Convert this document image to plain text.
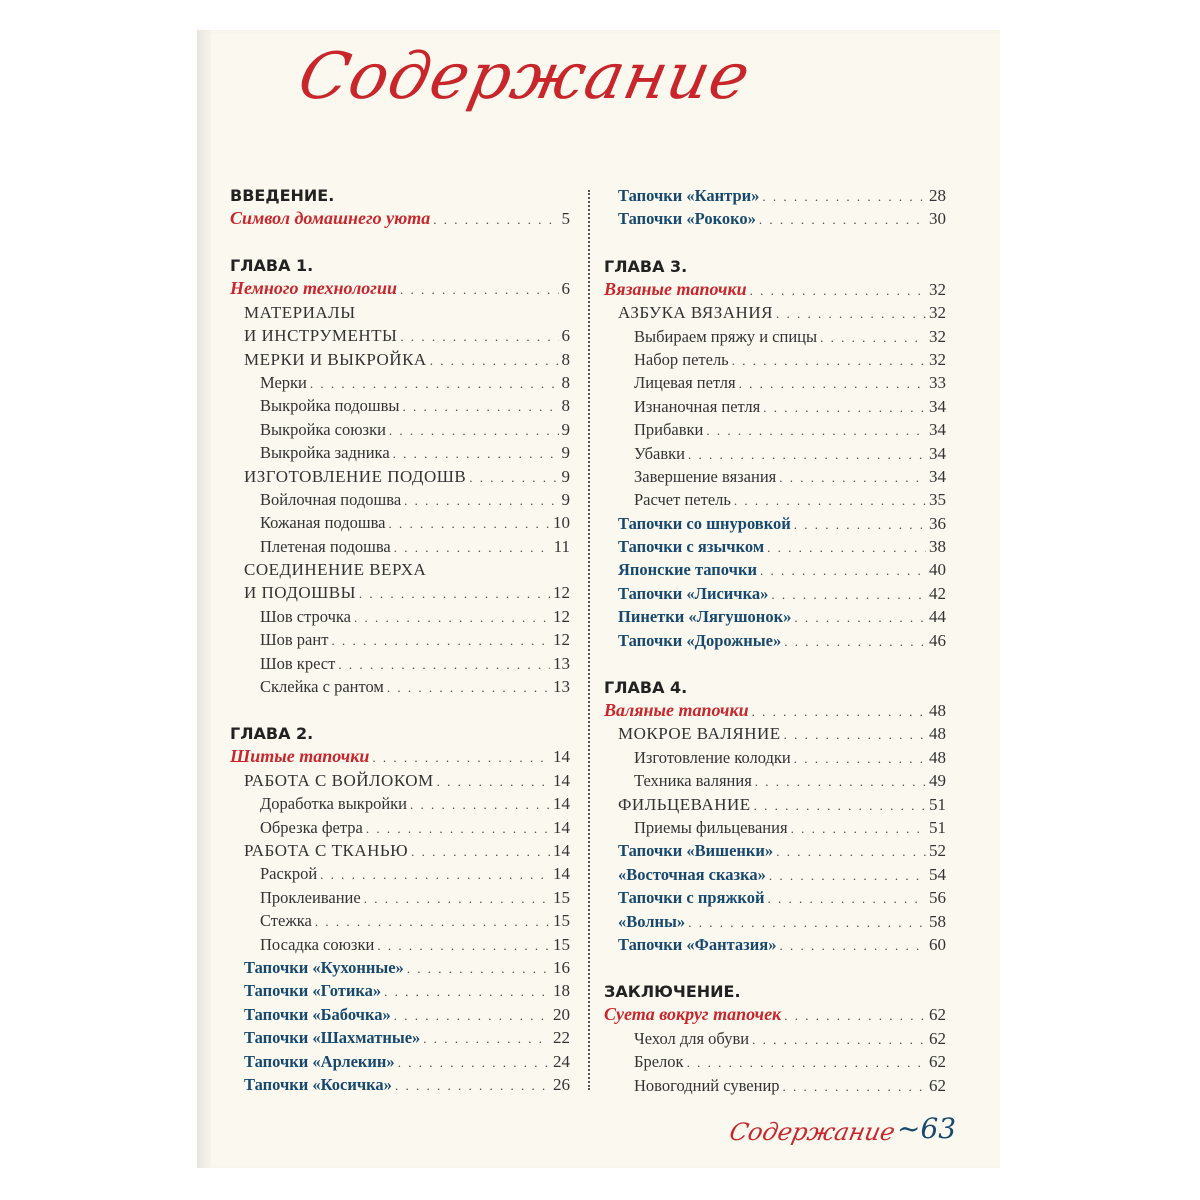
Содержание
ВВЕДЕНИЕ.
Символ домашнего уюта . . .	5
ГЛАВА 1.
Немного технологии . . .	6
МАТЕРИАЛЫ
И ИНСТРУМЕНТЫ . . .	6
МЕРКИ И ВЫКРОЙКА . . .	8
Мерки . . .	8
Выкройка подошвы . . .	8
Выкройка союзки . . .	9
Выкройка задника . . .	9
ИЗГОТОВЛЕНИЕ ПОДОШВ . . .	9
Войлочная подошва . . .	9
Кожаная подошва . . .	10
Плетеная подошва . . .	11
СОЕДИНЕНИЕ ВЕРХА
И ПОДОШВЫ . . .	12
Шов строчка . . .	12
Шов рант . . .	12
Шов крест . . .	13
Склейка с рантом . . .	13
ГЛАВА 2.
Шитые тапочки . . .	14
РАБОТА С ВОЙЛОКОМ . . .	14
Доработка выкройки . . .	14
Обрезка фетра . . .	14
РАБОТА С ТКАНЬЮ . . .	14
Раскрой . . .	14
Проклеивание . . .	15
Стежка . . .	15
Посадка союзки . . .	15
Тапочки «Кухонные» . . .	16
Тапочки «Готика» . . .	18
Тапочки «Бабочка» . . .	20
Тапочки «Шахматные» . . .	22
Тапочки «Арлекин» . . .	24
Тапочки «Косичка» . . .	26
Тапочки «Кантри» . . .	28
Тапочки «Рококо» . . .	30
ГЛАВА 3.
Вязаные тапочки . . .	32
АЗБУКА ВЯЗАНИЯ . . .	32
Выбираем пряжу и спицы . . .	32
Набор петель . . .	32
Лицевая петля . . .	33
Изнаночная петля . . .	34
Прибавки . . .	34
Убавки . . .	34
Завершение вязания . . .	34
Расчет петель . . .	35
Тапочки со шнуровкой . . .	36
Тапочки с язычком . . .	38
Японские тапочки . . .	40
Тапочки «Лисичка» . . .	42
Пинетки «Лягушонок» . . .	44
Тапочки «Дорожные» . . .	46
ГЛАВА 4.
Валяные тапочки . . .	48
МОКРОЕ ВАЛЯНИЕ . . .	48
Изготовление колодки . . .	48
Техника валяния . . .	49
ФИЛЬЦЕВАНИЕ . . .	51
Приемы фильцевания . . .	51
Тапочки «Вишенки» . . .	52
«Восточная сказка» . . .	54
Тапочки с пряжкой . . .	56
«Волны» . . .	58
Тапочки «Фантазия» . . .	60
ЗАКЛЮЧЕНИЕ.
Суета вокруг тапочек . . .	62
Чехол для обуви . . .	62
Брелок . . .	62
Новогодний сувенир . . .	62
Содержание ~63
